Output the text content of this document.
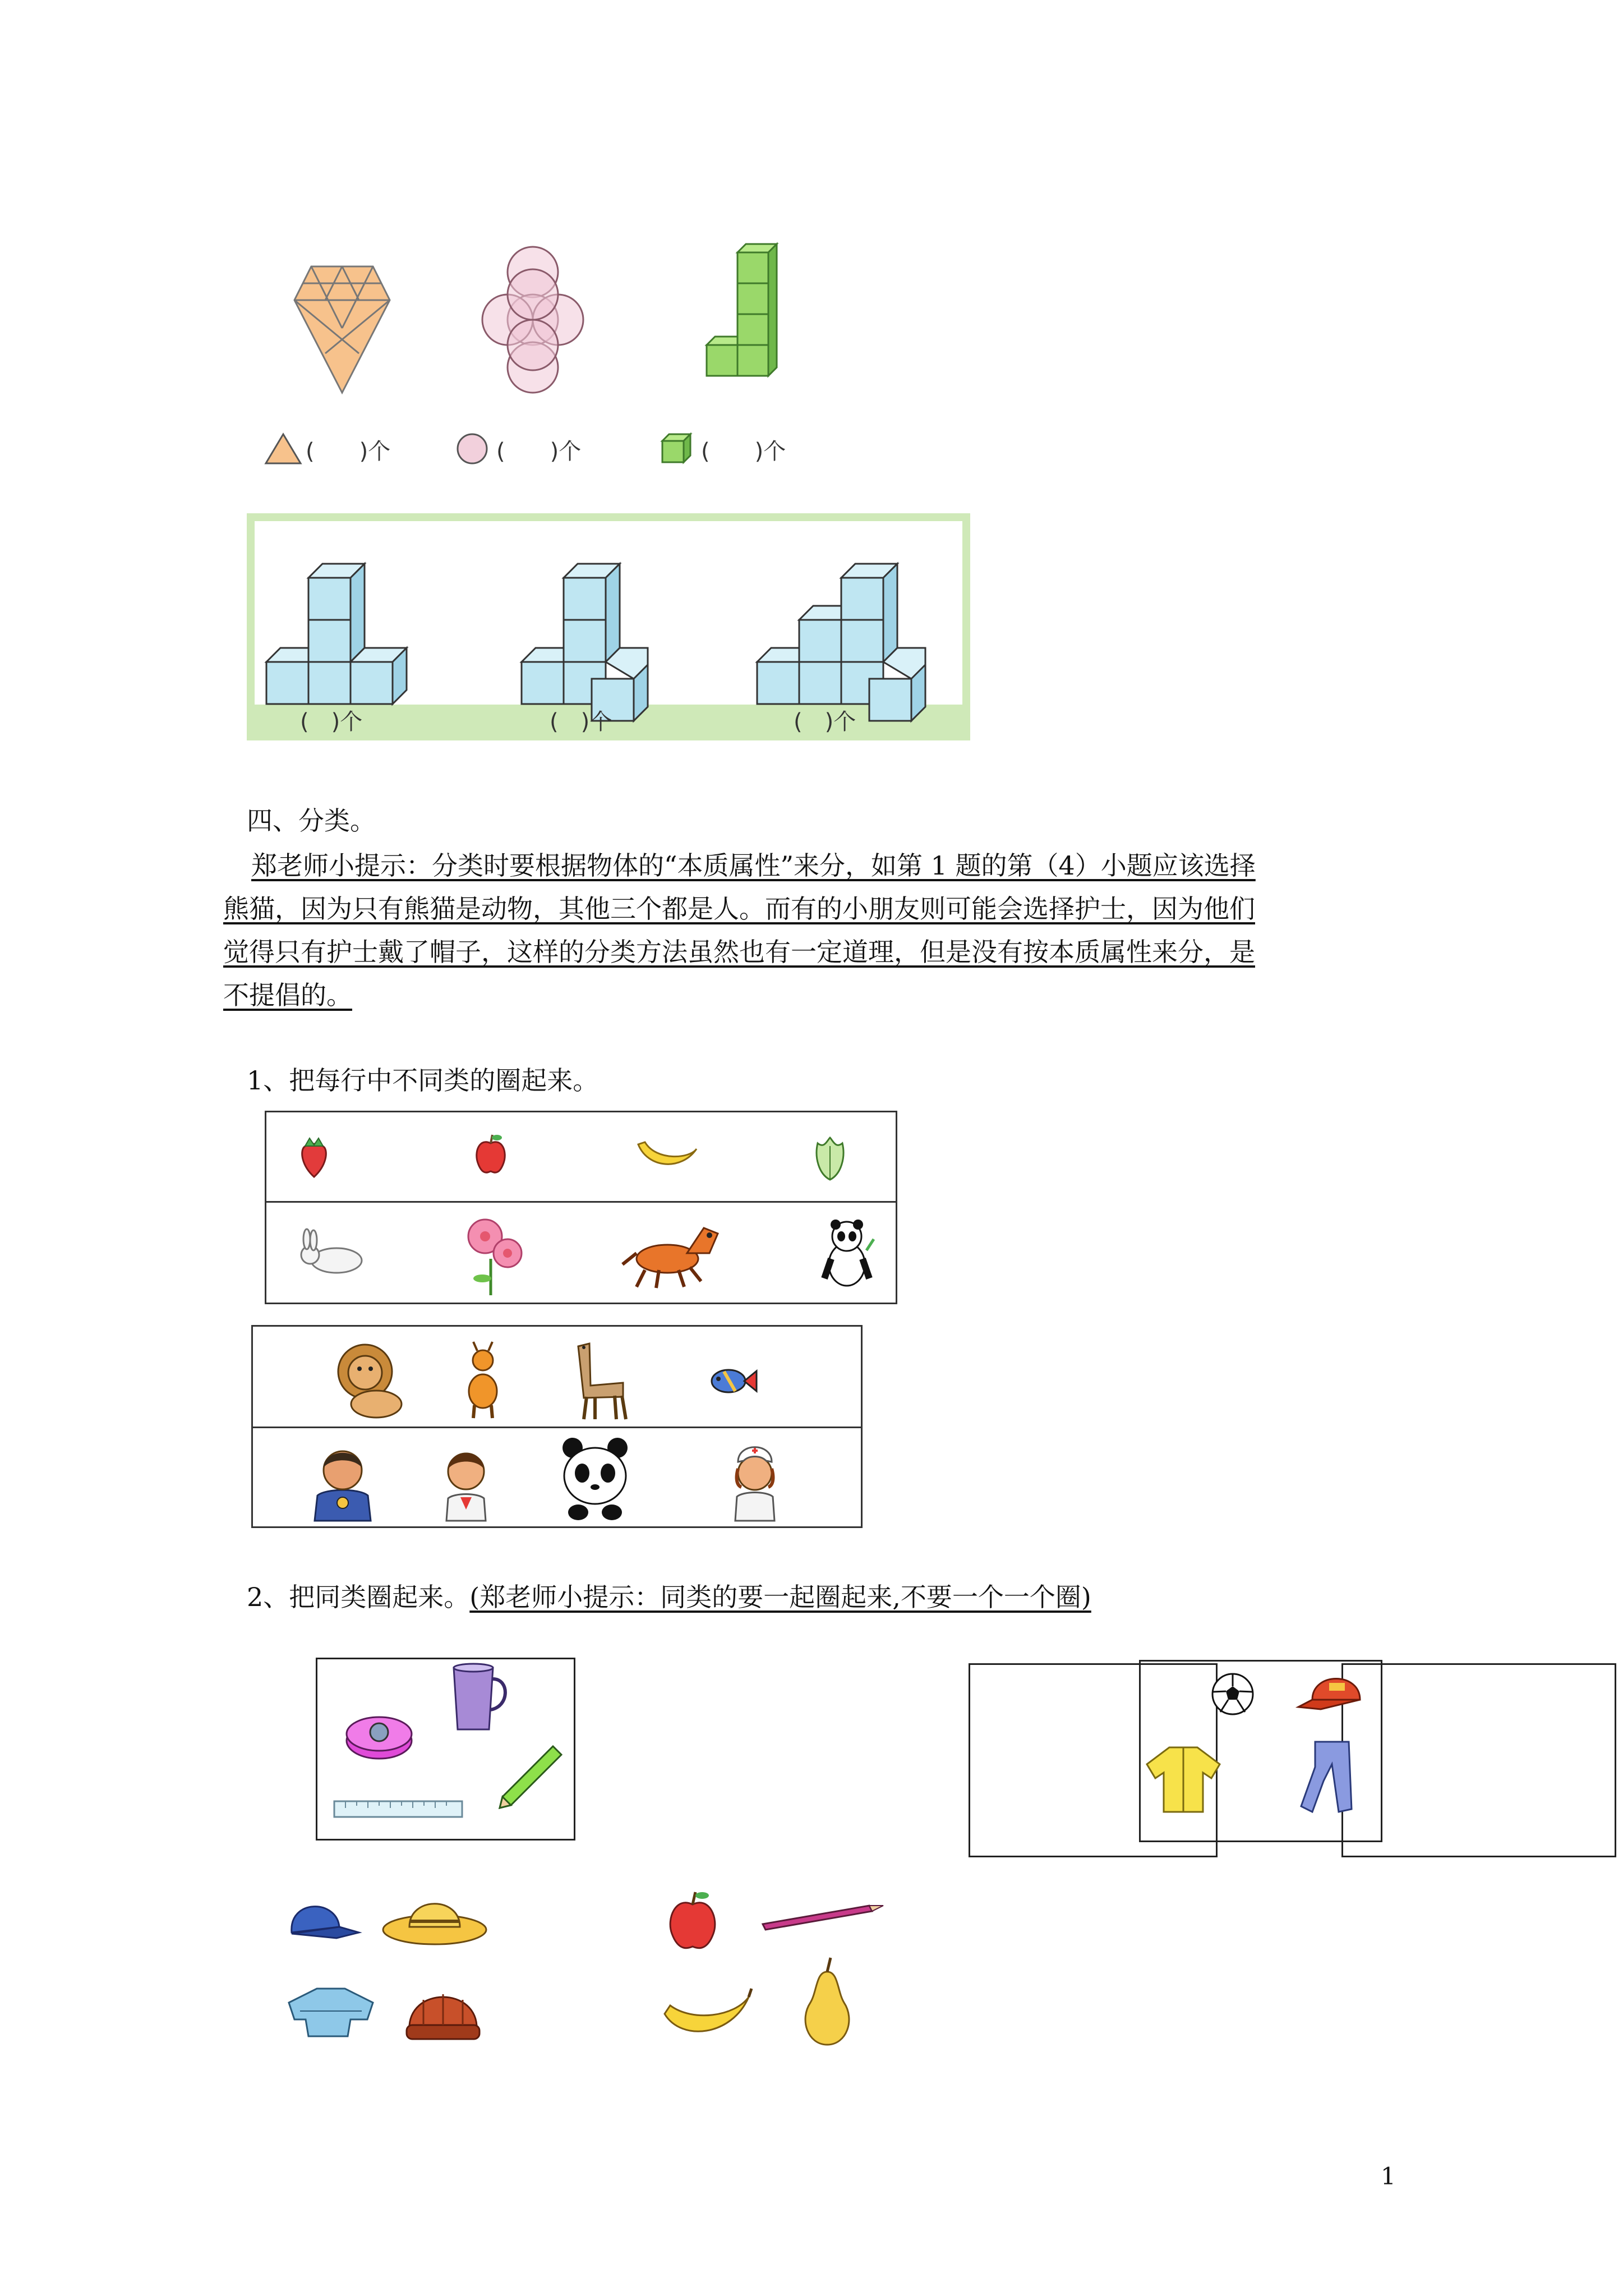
(　　)个	(　　)个	(　　)个
(　)个	(　)个	(　)个
四、分类。
郑老师小提示：分类时要根据物体的“本质属性”来分，如第 1 题的第（4）小题应该选择
熊猫，因为只有熊猫是动物，其他三个都是人。而有的小朋友则可能会选择护士，因为他们
觉得只有护士戴了帽子，这样的分类方法虽然也有一定道理，但是没有按本质属性来分，是
不提倡的。
1、把每行中不同类的圈起来。
2、把同类圈起来。(郑老师小提示：同类的要一起圈起来,不要一个一个圈)
1
